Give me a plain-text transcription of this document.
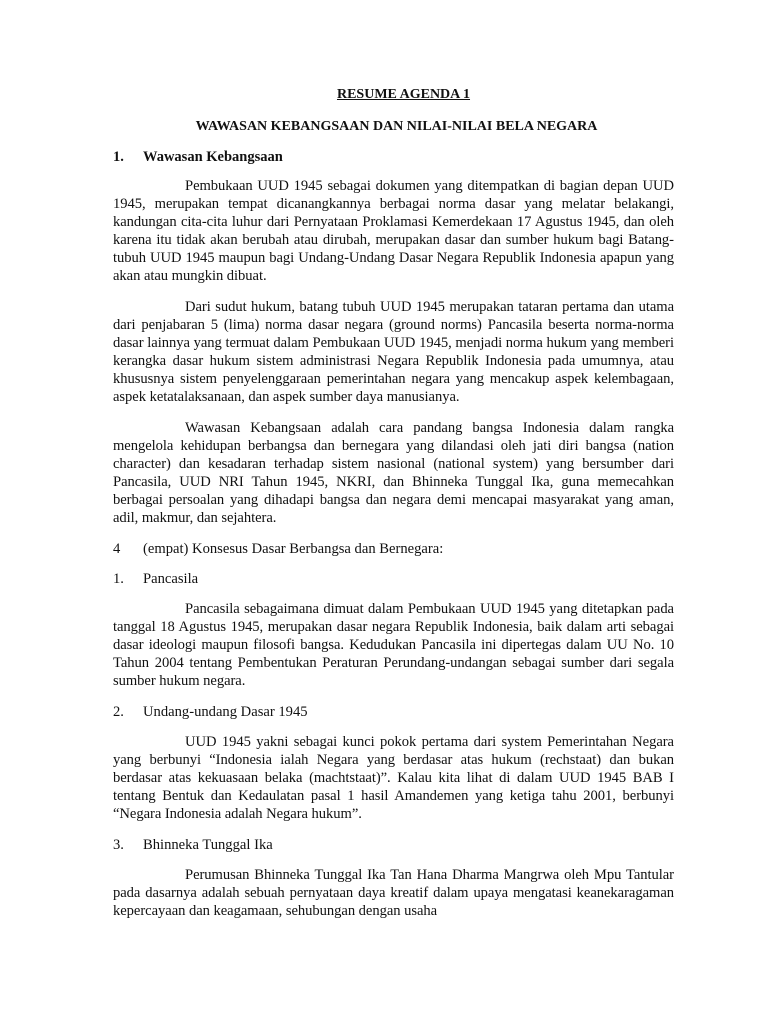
RESUME AGENDA 1
WAWASAN KEBANGSAAN DAN NILAI-NILAI BELA NEGARA
1.	Wawasan Kebangsaan

Pembukaan UUD 1945 sebagai dokumen yang ditempatkan di bagian depan UUD 1945, merupakan tempat dicanangkannya berbagai norma dasar yang melatar belakangi, kandungan cita-cita luhur dari Pernyataan Proklamasi Kemerdekaan 17 Agustus 1945, dan oleh karena itu tidak akan berubah atau dirubah, merupakan dasar dan sumber hukum bagi Batang-tubuh UUD 1945 maupun bagi Undang-Undang Dasar Negara Republik Indonesia apapun yang akan atau mungkin dibuat.

Dari sudut hukum, batang tubuh UUD 1945 merupakan tataran pertama dan utama dari penjabaran 5 (lima) norma dasar negara (ground norms) Pancasila beserta norma-norma dasar lainnya yang termuat dalam Pembukaan UUD 1945, menjadi norma hukum yang memberi kerangka dasar hukum sistem administrasi Negara Republik Indonesia pada umumnya, atau khususnya sistem penyelenggaraan pemerintahan negara yang mencakup aspek kelembagaan, aspek ketatalaksanaan, dan aspek sumber daya manusianya.

Wawasan Kebangsaan adalah cara pandang bangsa Indonesia dalam rangka mengelola kehidupan berbangsa dan bernegara yang dilandasi oleh jati diri bangsa (nation character) dan kesadaran terhadap sistem nasional (national system) yang bersumber dari Pancasila, UUD NRI Tahun 1945, NKRI, dan Bhinneka Tunggal Ika, guna memecahkan berbagai persoalan yang dihadapi bangsa dan negara demi mencapai masyarakat yang aman, adil, makmur, dan sejahtera.

4	(empat) Konsesus Dasar Berbangsa dan Bernegara:
1.	Pancasila

Pancasila sebagaimana dimuat dalam Pembukaan UUD 1945 yang ditetapkan pada tanggal 18 Agustus 1945, merupakan dasar negara Republik Indonesia, baik dalam arti sebagai dasar ideologi maupun filosofi bangsa. Kedudukan Pancasila ini dipertegas dalam UU No. 10 Tahun 2004 tentang Pembentukan Peraturan Perundang-undangan sebagai sumber dari segala sumber hukum negara.

2.	Undang-undang Dasar 1945

UUD 1945 yakni sebagai kunci pokok pertama dari system Pemerintahan Negara yang berbunyi “Indonesia ialah Negara yang berdasar atas hukum (rechstaat) dan bukan berdasar atas kekuasaan belaka (machtstaat)”. Kalau kita lihat di dalam UUD 1945 BAB I tentang Bentuk dan Kedaulatan pasal 1 hasil Amandemen yang ketiga tahu 2001, berbunyi “Negara Indonesia adalah Negara hukum”.

3.	Bhinneka Tunggal Ika

Perumusan Bhinneka Tunggal Ika Tan Hana Dharma Mangrwa oleh Mpu Tantular pada dasarnya adalah sebuah pernyataan daya kreatif dalam upaya mengatasi keanekaragaman kepercayaan dan keagamaan, sehubungan dengan usaha
